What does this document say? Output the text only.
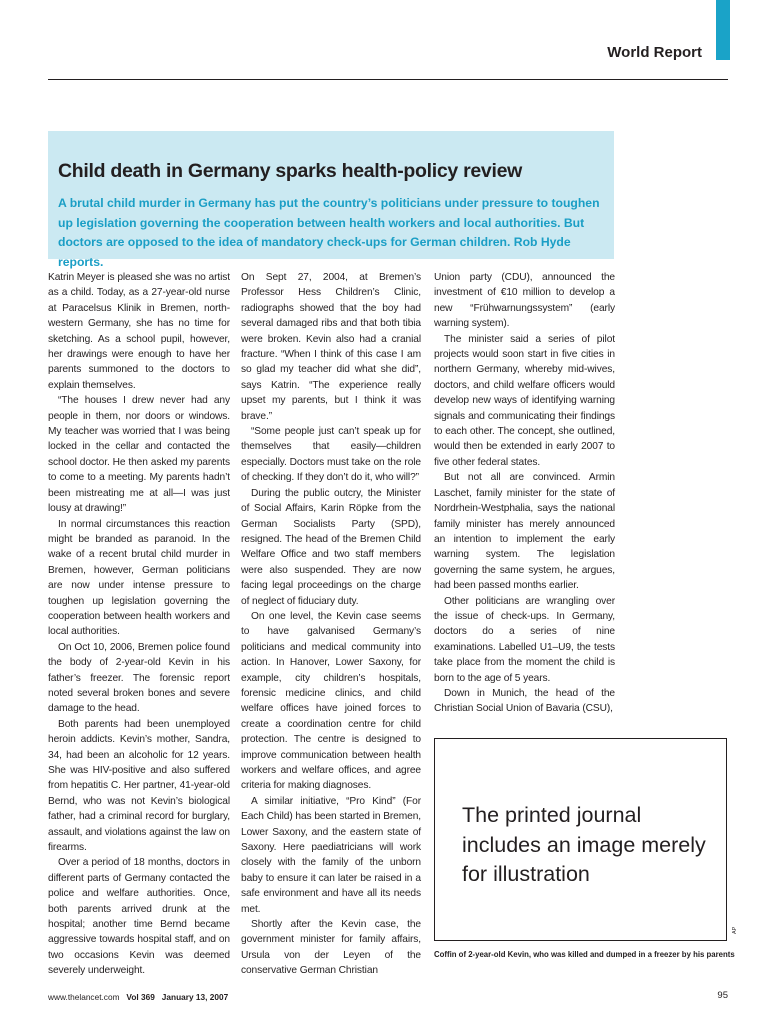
World Report
Child death in Germany sparks health-policy review

A brutal child murder in Germany has put the country’s politicians under pressure to toughen up legislation governing the cooperation between health workers and local authorities. But doctors are opposed to the idea of mandatory check-ups for German children. Rob Hyde reports.

Katrin Meyer is pleased she was no artist as a child. Today, as a 27-year-old nurse at Paracelsus Klinik in Bremen, north-western Germany, she has no time for sketching. As a school pupil, however, her drawings were enough to have her parents summoned to the doctors to explain themselves.

“The houses I drew never had any people in them, nor doors or windows. My teacher was worried that I was being locked in the cellar and contacted the school doctor. He then asked my parents to come to a meeting. My parents hadn’t been mistreating me at all—I was just lousy at drawing!”

In normal circumstances this reaction might be branded as paranoid. In the wake of a recent brutal child murder in Bremen, however, German politicians are now under intense pressure to toughen up legislation governing the cooperation between health workers and local authorities.

On Oct 10, 2006, Bremen police found the body of 2-year-old Kevin in his father’s freezer. The forensic report noted several broken bones and severe damage to the head.

Both parents had been unemployed heroin addicts. Kevin’s mother, Sandra, 34, had been an alcoholic for 12 years. She was HIV-positive and also suffered from hepatitis C. Her partner, 41-year-old Bernd, who was not Kevin’s biological father, had a criminal record for burglary, assault, and violations against the law on firearms.

Over a period of 18 months, doctors in different parts of Germany contacted the police and welfare authorities. Once, both parents arrived drunk at the hospital; another time Bernd became aggressive towards hospital staff, and on two occasions Kevin was deemed severely underweight.

On Sept 27, 2004, at Bremen’s Professor Hess Children’s Clinic, radiographs showed that the boy had several damaged ribs and that both tibia were broken. Kevin also had a cranial fracture. “When I think of this case I am so glad my teacher did what she did”, says Katrin. “The experience really upset my parents, but I think it was brave.”

“Some people just can’t speak up for themselves that easily—children especially. Doctors must take on the role of checking. If they don’t do it, who will?”

During the public outcry, the Minister of Social Affairs, Karin Röpke from the German Socialists Party (SPD), resigned. The head of the Bremen Child Welfare Office and two staff members were also suspended. They are now facing legal proceedings on the charge of neglect of fiduciary duty.

On one level, the Kevin case seems to have galvanised Germany’s politicians and medical community into action. In Hanover, Lower Saxony, for example, city children’s hospitals, forensic medicine clinics, and child welfare offices have joined forces to create a coordination centre for child protection. The centre is designed to improve communication between health workers and welfare offices, and agree criteria for making diagnoses.

A similar initiative, “Pro Kind” (For Each Child) has been started in Bremen, Lower Saxony, and the eastern state of Saxony. Here paediatricians will work closely with the family of the unborn baby to ensure it can later be raised in a safe environment and have all its needs met.

Shortly after the Kevin case, the government minister for family affairs, Ursula von der Leyen of the conservative German Christian

Union party (CDU), announced the investment of €10 million to develop a new “Frühwarnungssystem” (early warning system).

The minister said a series of pilot projects would soon start in five cities in northern Germany, whereby mid-wives, doctors, and child welfare officers would develop new ways of identifying warning signals and communicating their findings to each other. The concept, she outlined, would then be extended in early 2007 to five other federal states.

But not all are convinced. Armin Laschet, family minister for the state of Nordrhein-Westphalia, says the national family minister has merely announced an intention to implement the early warning system. The legislation governing the same system, he argues, had been passed months earlier.

Other politicians are wrangling over the issue of check-ups. In Germany, doctors do a series of nine examinations. Labelled U1–U9, the tests take place from the moment the child is born to the age of 5 years.

Down in Munich, the head of the Christian Social Union of Bavaria (CSU),

The printed journal includes an image merely for illustration

AP
Coffin of 2-year-old Kevin, who was killed and dumped in a freezer by his parents
www.thelancet.com Vol 369 January 13, 2007	95
